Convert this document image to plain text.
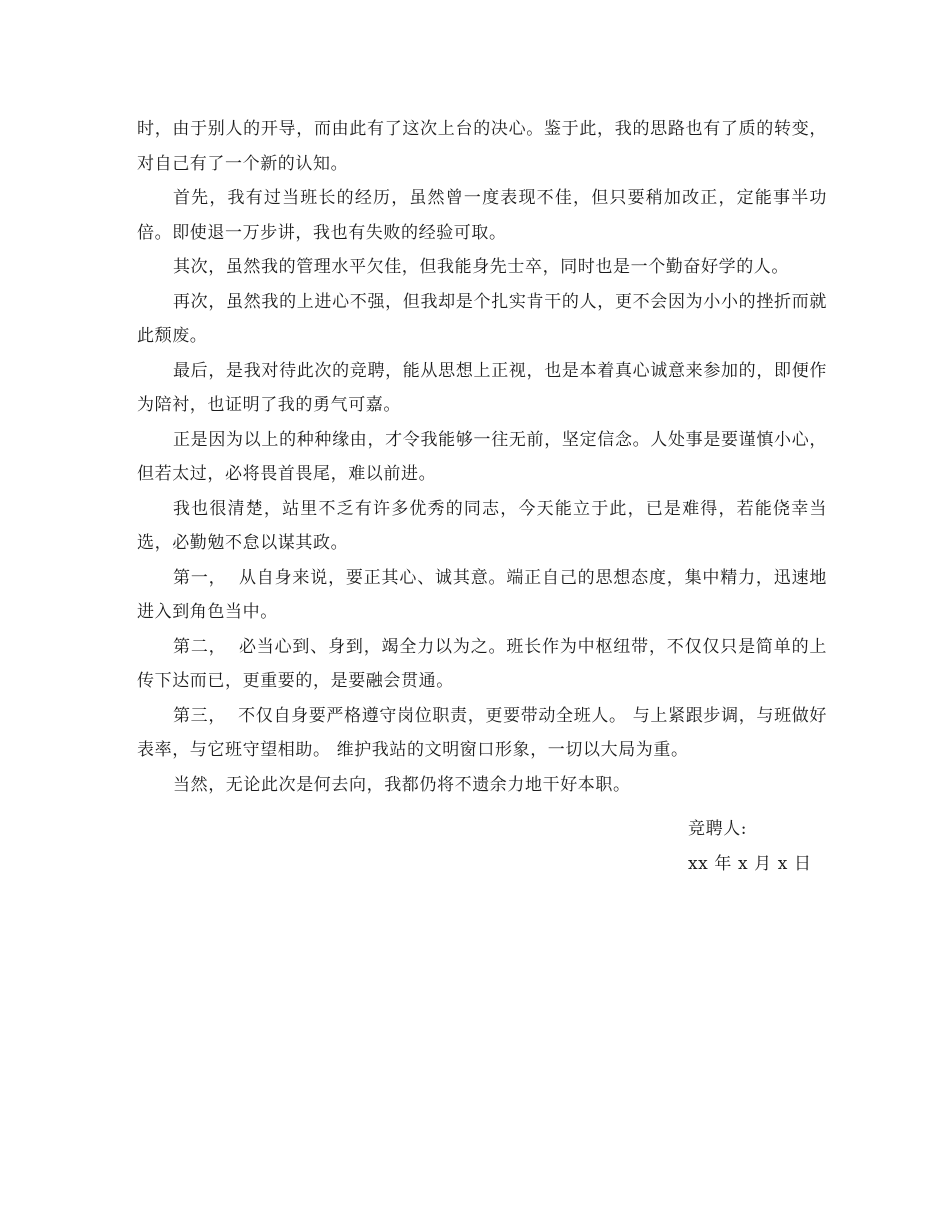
时，由于别人的开导，而由此有了这次上台的决心。鉴于此，我的思路也有了质的转变，对自己有了一个新的认知。

首先，我有过当班长的经历，虽然曾一度表现不佳，但只要稍加改正，定能事半功倍。即使退一万步讲，我也有失败的经验可取。

其次，虽然我的管理水平欠佳，但我能身先士卒，同时也是一个勤奋好学的人。

再次，虽然我的上进心不强，但我却是个扎实肯干的人，更不会因为小小的挫折而就此颓废。

最后，是我对待此次的竞聘，能从思想上正视，也是本着真心诚意来参加的，即便作为陪衬，也证明了我的勇气可嘉。

正是因为以上的种种缘由，才令我能够一往无前，坚定信念。人处事是要谨慎小心，但若太过，必将畏首畏尾，难以前进。

我也很清楚，站里不乏有许多优秀的同志，今天能立于此，已是难得，若能侥幸当选，必勤勉不怠以谋其政。

第一，  从自身来说，要正其心、诚其意。端正自己的思想态度，集中精力，迅速地进入到角色当中。

第二，  必当心到、身到，竭全力以为之。班长作为中枢纽带，不仅仅只是简单的上传下达而已，更重要的，是要融会贯通。

第三，  不仅自身要严格遵守岗位职责，更要带动全班人。 与上紧跟步调，与班做好表率，与它班守望相助。 维护我站的文明窗口形象，一切以大局为重。

当然，无论此次是何去向，我都仍将不遗余力地干好本职。

竞聘人:

xx 年 x 月 x 日
